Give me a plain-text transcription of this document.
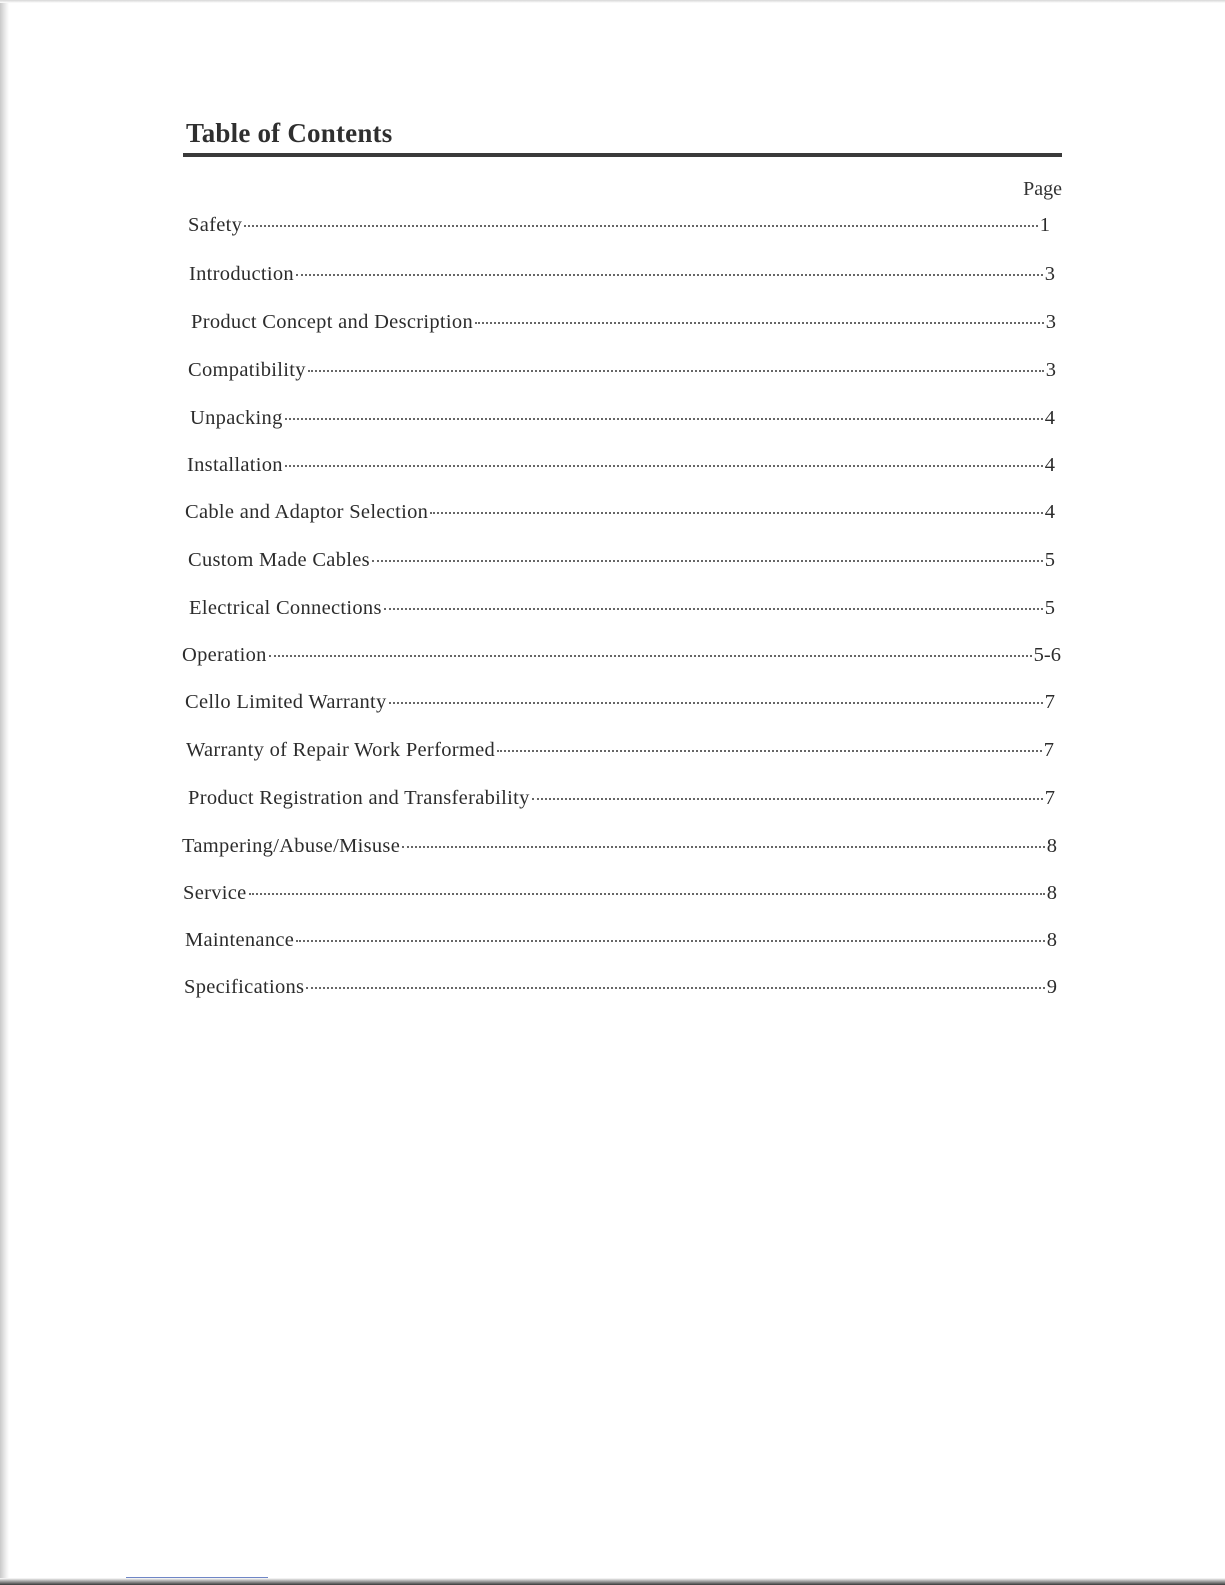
Table of Contents
Page
Safety	1
Introduction	3
Product Concept and Description	3
Compatibility	3
Unpacking	4
Installation	4
Cable and Adaptor Selection	4
Custom Made Cables	5
Electrical Connections	5
Operation	5-6
Cello Limited Warranty	7
Warranty of Repair Work Performed	7
Product Registration and Transferability	7
Tampering/Abuse/Misuse	8
Service	8
Maintenance	8
Specifications	9
